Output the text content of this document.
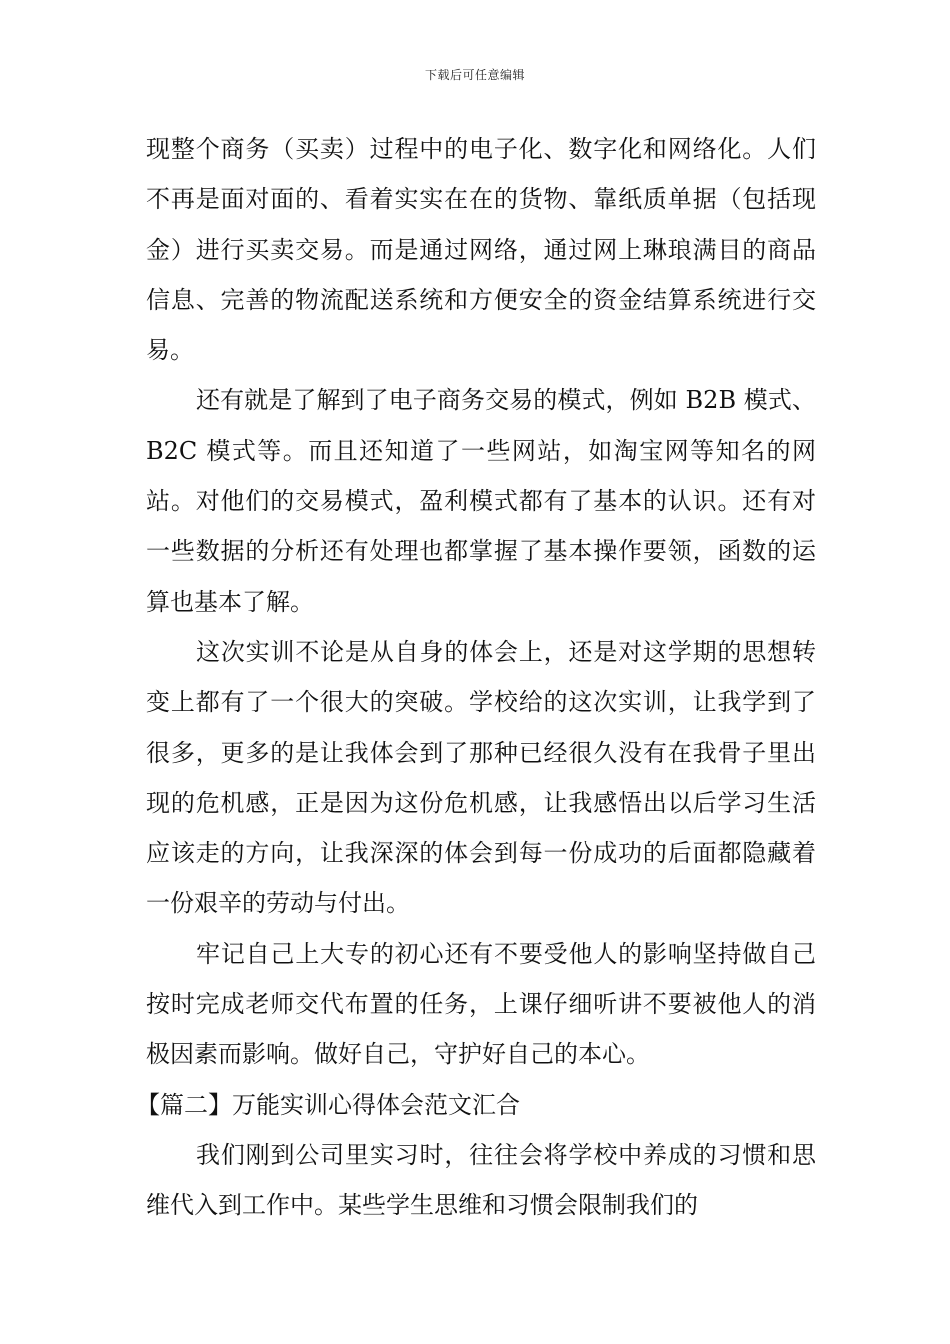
下载后可任意编辑

现整个商务（买卖）过程中的电子化、数字化和网络化。人们不再是面对面的、看着实实在在的货物、靠纸质单据（包括现金）进行买卖交易。而是通过网络，通过网上琳琅满目的商品信息、完善的物流配送系统和方便安全的资金结算系统进行交易。

还有就是了解到了电子商务交易的模式，例如 B2B 模式、B2C 模式等。而且还知道了一些网站，如淘宝网等知名的网站。对他们的交易模式，盈利模式都有了基本的认识。还有对一些数据的分析还有处理也都掌握了基本操作要领，函数的运算也基本了解。

这次实训不论是从自身的体会上，还是对这学期的思想转变上都有了一个很大的突破。学校给的这次实训，让我学到了很多，更多的是让我体会到了那种已经很久没有在我骨子里出现的危机感，正是因为这份危机感，让我感悟出以后学习生活应该走的方向，让我深深的体会到每一份成功的后面都隐藏着一份艰辛的劳动与付出。

牢记自己上大专的初心还有不要受他人的影响坚持做自己按时完成老师交代布置的任务，上课仔细听讲不要被他人的消极因素而影响。做好自己，守护好自己的本心。

【篇二】万能实训心得体会范文汇合

我们刚到公司里实习时，往往会将学校中养成的习惯和思维代入到工作中。某些学生思维和习惯会限制我们的
